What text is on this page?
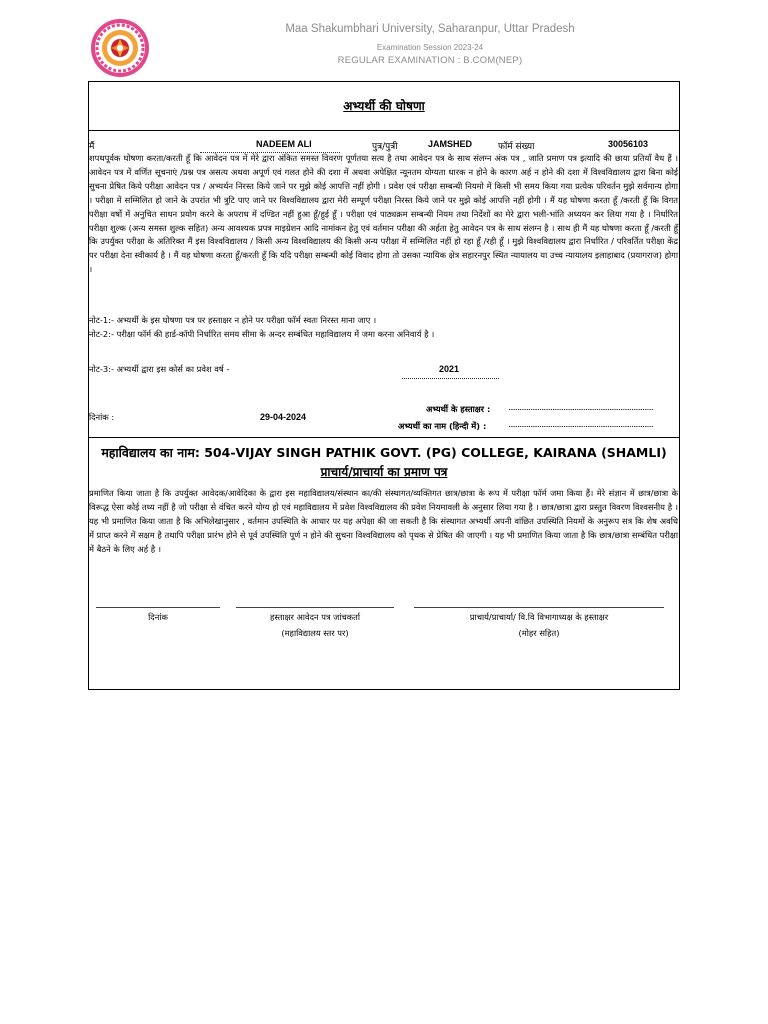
Maa Shakumbhari University, Saharanpur, Uttar Pradesh
Examination Session 2023-24
REGULAR EXAMINATION : B.COM(NEP)
अभ्यर्थी की घोषणा
मैं	NADEEM ALI	पुत्र/पुत्री	JAMSHED	फॉर्म संख्या	30056103
शपथपूर्वक घोषणा करता/करती हूँ कि आवेदन पत्र में मेरे द्वारा अंकित समस्त विवरण पूर्णतया सत्य है तथा आवेदन पत्र के साथ संलग्न अंक पत्र , जाति प्रमाण पत्र इत्यादि की छाया प्रतियाँ वैध हैं । आवेदन पत्र में वर्णित सूचनाएं /प्रश्न पत्र असत्य अथवा अपूर्ण एवं गलत होने की दशा में अथवा अपेक्षित न्यूनतम योग्यता धारक न होने के कारण अर्ह न होने की दशा में विश्वविद्यालय द्वारा बिना कोई सुचना प्रेषित किये परीक्षा आवेदन पत्र / अभ्यर्थन निरस्त किये जाने पर मुझे कोई आपत्ति नहीं होगी । प्रवेश एवं परीक्षा सम्बन्धी नियमो में किसी भी समय किया गया प्रत्येक परिवर्तन मुझे सर्वमान्य होगा । परीक्षा में सम्मिलित हो जाने के उपरांत भी त्रुटि पाए जाने पर विश्वविद्यालय द्वारा मेरी सम्पूर्ण परीक्षा निरस्त किये जाने पर मुझे कोई आपत्ति नहीं होगी । मैं यह घोषणा करता हूँ /करती हूँ कि विगत परीक्षा वर्षो में अनुचित साधन प्रयोग करने के अपराध में दण्डित नहीं हुआ हूँ/हुई हूँ । परीक्षा एवं पाठ्यक्रम सम्बन्धी नियम तथा निर्देशों का मेरे द्वारा भली-भांति अध्ययन कर लिया गया है । निर्धारित परीक्षा शुल्क (अन्य समस्त शुल्क सहित) अन्य आवश्यक प्रपत्र माइग्रेशन आदि नामांकन हेतु एवं वर्तमान परीक्षा की अर्हता हेतु आवेदन पत्र के साथ संलग्न है । साथ ही मैं यह घोषणा करता हूँ /करती हूँ कि उपर्युक्त परीक्षा के अतिरिक्त मैं इस विश्वविद्यालय / किसी अन्य विश्वविद्यालय की किसी अन्य परीक्षा में सम्मिलित नहीं हो रहा हूँ /रही हूँ । मुझे विश्वविद्यालय द्वारा निर्धारित / परिवर्तित परीक्षा केंद्र पर परीक्षा देना स्वीकार्य है । मैं यह घोषणा करता हूँ/करती हूँ कि यदि परीक्षा सम्बन्धी कोई विवाद होगा तो उसका न्यायिक क्षेत्र सहारनपुर स्थित न्यायालय या उच्च न्यायालय इलाहाबाद (प्रयागराज) होगा ।
नोट-1:- अभ्यर्थी के इस घोषणा पत्र पर हस्ताक्षर न होने पर परीक्षा फॉर्म स्वतः निरस्त माना जाए ।
नोट-2:- परीक्षा फॉर्म की हार्ड-कॉपी निर्धारित समय सीमा के अन्दर सम्बंधित महाविद्यालय में जमा करना अनिवार्य है ।
नोट-3:- अभ्यर्थी द्वारा इस कोर्स का प्रवेश वर्ष -	2021
दिनांक :	29-04-2024
अभ्यर्थी के हस्ताक्षर : ...............................................................................
अभ्यर्थी का नाम (हिन्दी में) :	...............................................................................
महाविद्यालय का नाम: 504-VIJAY SINGH PATHIK GOVT. (PG) COLLEGE, KAIRANA (SHAMLI)
प्राचार्य/प्राचार्या का प्रमाण पत्र
प्रमाणित किया जाता है कि उपर्युक्त आवेदक/आवेदिका के द्वारा इस महाविद्यालय/संस्थान का/की संस्थागत/व्यक्तिगत छात्र/छात्रा के रूप में परीक्षा फॉर्म जमा किया हैं। मेरे संज्ञान में छात्र/छात्रा के विरूद्ध ऐसा कोई तथ्य नहीं है जो परीक्षा से वंचित करने योग्य हो एवं महाविद्यालय में प्रवेश विश्वविद्यालय की प्रवेश नियमावली के अनुसार लिया गया है । छात्र/छात्रा द्वारा प्रस्तुत विवरण विश्वसनीय है । यह भी प्रमाणित किया जाता है कि अभिलेखानुसार , वर्तमान उपस्थिति के आधार पर यह अपेक्षा की जा सकती है कि संस्थागत अभ्यर्थी अपनी वांछित उपस्थिति नियमों के अनुरूप सत्र कि शेष अवधि में प्राप्त करने में सक्षम है तथापि परीक्षा प्रारंभ होने से पूर्व उपस्थिति पूर्ण न होने की सुचना विश्वविद्यालय को पृथक से प्रेषित की जाएगी । यह भी प्रमाणित किया जाता है कि छात्र/छात्रा सम्बंधित परीक्षा में बैठने के लिए अर्ह है ।
दिनांक	हस्ताक्षर आवेदन पत्र जांचकर्ता
(महाविद्यालय स्तर पर)
प्राचार्य/प्राचार्या/ वि.वि विभागाध्यक्ष के हस्ताक्षर
(मोहर सहित)
